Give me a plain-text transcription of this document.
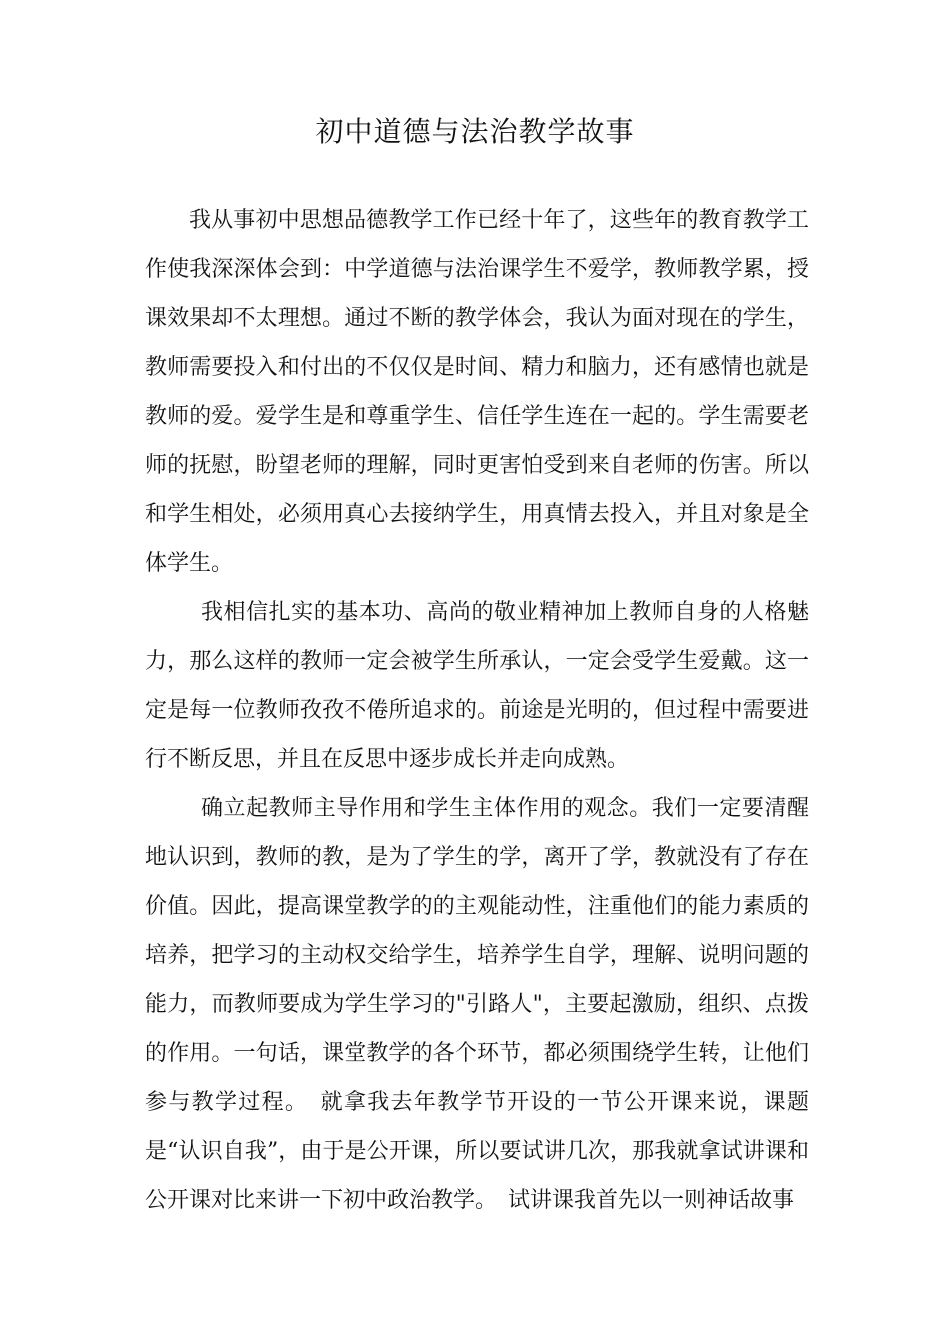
初中道德与法治教学故事

我从事初中思想品德教学工作已经十年了，这些年的教育教学工作使我深深体会到：中学道德与法治课学生不爱学，教师教学累，授课效果却不太理想。通过不断的教学体会，我认为面对现在的学生，教师需要投入和付出的不仅仅是时间、精力和脑力，还有感情也就是教师的爱。爱学生是和尊重学生、信任学生连在一起的。学生需要老师的抚慰，盼望老师的理解，同时更害怕受到来自老师的伤害。所以和学生相处，必须用真心去接纳学生，用真情去投入，并且对象是全体学生。

我相信扎实的基本功、高尚的敬业精神加上教师自身的人格魅力，那么这样的教师一定会被学生所承认，一定会受学生爱戴。这一定是每一位教师孜孜不倦所追求的。前途是光明的，但过程中需要进行不断反思，并且在反思中逐步成长并走向成熟。

确立起教师主导作用和学生主体作用的观念。我们一定要清醒地认识到，教师的教，是为了学生的学，离开了学，教就没有了存在价值。因此，提高课堂教学的的主观能动性，注重他们的能力素质的培养，把学习的主动权交给学生，培养学生自学，理解、说明问题的能力，而教师要成为学生学习的"引路人"，主要起激励，组织、点拨的作用。一句话，课堂教学的各个环节，都必须围绕学生转，让他们参与教学过程。　就拿我去年教学节开设的一节公开课来说，课题是“认识自我”，由于是公开课，所以要试讲几次，那我就拿试讲课和公开课对比来讲一下初中政治教学。　试讲课我首先以一则神话故事
